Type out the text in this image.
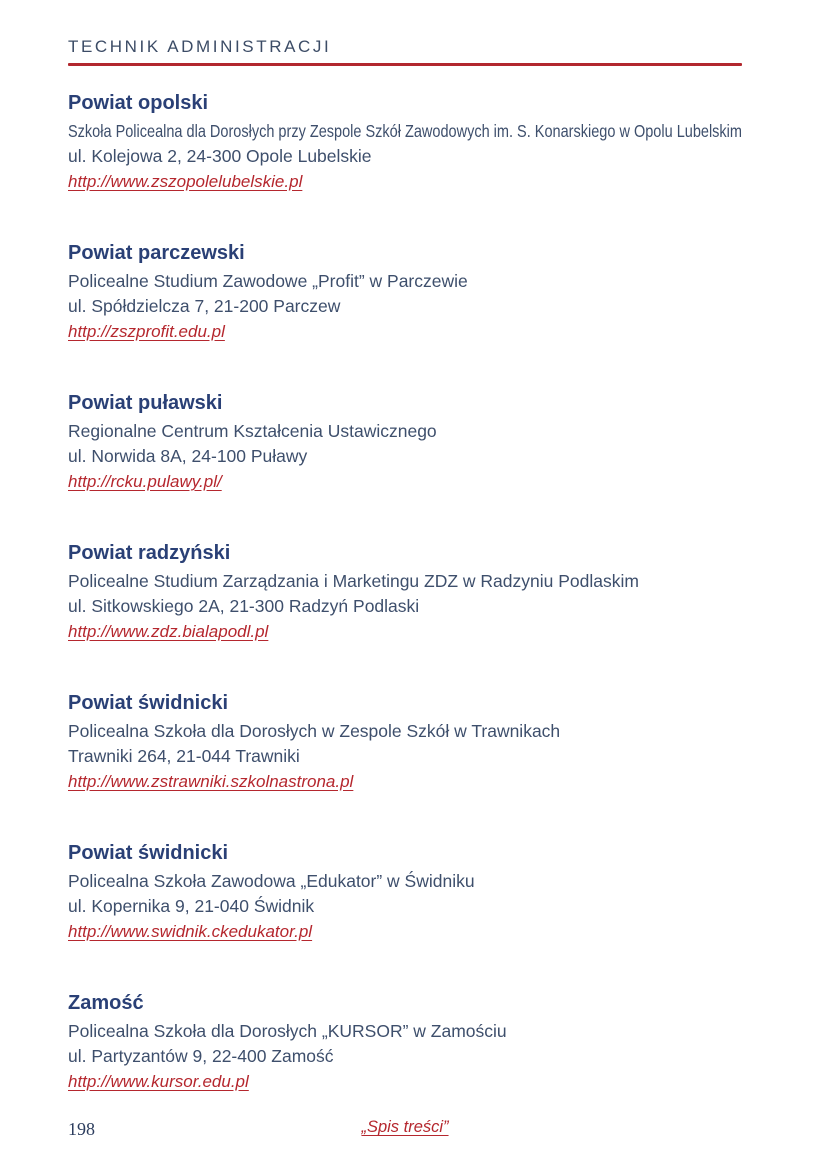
TECHNIK ADMINISTRACJI
Powiat opolski

Szkoła Policealna dla Dorosłych przy Zespole Szkół Zawodowych im. S. Konarskiego w Opolu Lubelskim

ul. Kolejowa 2, 24-300 Opole Lubelskie

http://www.zszopolelubelskie.pl

Powiat parczewski

Policealne Studium Zawodowe „Profit” w Parczewie

ul. Spółdzielcza 7, 21-200 Parczew

http://zszprofit.edu.pl

Powiat puławski

Regionalne Centrum Kształcenia Ustawicznego

ul. Norwida 8A, 24-100 Puławy

http://rcku.pulawy.pl/

Powiat radzyński

Policealne Studium Zarządzania i Marketingu ZDZ w Radzyniu Podlaskim

ul. Sitkowskiego 2A, 21-300 Radzyń Podlaski

http://www.zdz.bialapodl.pl

Powiat świdnicki

Policealna Szkoła dla Dorosłych w Zespole Szkół w Trawnikach

Trawniki 264, 21-044 Trawniki

http://www.zstrawniki.szkolnastrona.pl

Powiat świdnicki

Policealna Szkoła Zawodowa „Edukator” w Świdniku

ul. Kopernika 9, 21-040 Świdnik

http://www.swidnik.ckedukator.pl

Zamość

Policealna Szkoła dla Dorosłych „KURSOR” w Zamościu

ul. Partyzantów 9, 22-400 Zamość

http://www.kursor.edu.pl

198	„Spis treści”
